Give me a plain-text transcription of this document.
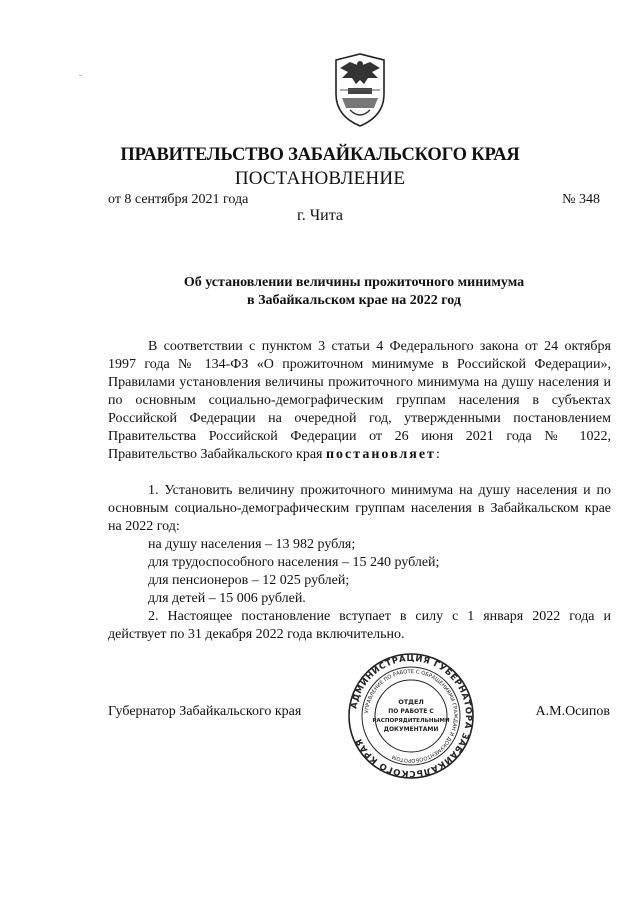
ПРАВИТЕЛЬСТВО ЗАБАЙКАЛЬСКОГО КРАЯ
ПОСТАНОВЛЕНИЕ
от 8 сентября 2021 года	№ 348
г. Чита
Об установлении величины прожиточного минимума
в Забайкальском крае на 2022 год

В соответствии с пунктом 3 статьи 4 Федерального закона от 24 октября 1997 года № 134-ФЗ «О прожиточном минимуме в Российской Федерации», Правилами установления величины прожиточного минимума на душу населения и по основным социально-демографическим группам населения в субъектах Российской Федерации на очередной год, утвержденными постановлением Правительства Российской Федерации от 26 июня 2021 года № 1022, Правительство Забайкальского края постановляет:

1. Установить величину прожиточного минимума на душу населения и по основным социально-демографическим группам населения в Забайкальском крае на 2022 год:

на душу населения – 13 982 рубля;

для трудоспособного населения – 15 240 рублей;

для пенсионеров – 12 025 рублей;

для детей – 15 006 рублей.

2. Настоящее постановление вступает в силу с 1 января 2022 года и действует по 31 декабря 2022 года включительно.

Губернатор Забайкальского края	А.М.Осипов
АДМИНИСТРАЦИЯ ГУБЕРНАТОРА ЗАБАЙКАЛЬСКОГО КРАЯ
УПРАВЛЕНИЕ ПО РАБОТЕ С ОБРАЩЕНИЯМИ ГРАЖДАН И ДОКУМЕНТООБОРОТОМ
ОТДЕЛ
ПО РАБОТЕ С
РАСПОРЯДИТЕЛЬНЫМИ
ДОКУМЕНТАМИ
